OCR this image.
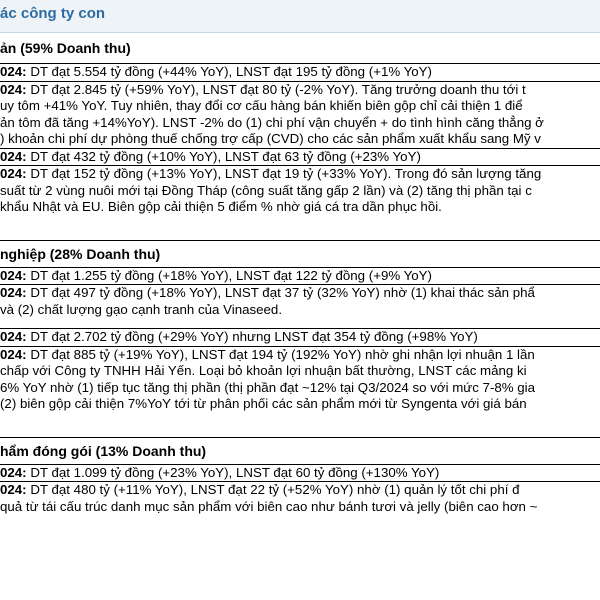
ác công ty con
ản (59% Doanh thu)
024: DT đạt 5.554 tỷ đồng (+44% YoY), LNST đạt 195 tỷ đồng (+1% YoY)
024: DT đạt 2.845 tỷ (+59% YoY), LNST đạt 80 tỷ (-2% YoY). Tăng trưởng doanh thu tới t
uy tôm +41% YoY. Tuy nhiên, thay đổi cơ cấu hàng bán khiến biên gộp chỉ cải thiện 1 điể
ản tôm đã tăng +14%YoY). LNST -2% do (1) chi phí vận chuyển + do tình hình căng thẳng ở
) khoản chi phí dự phòng thuế chống trợ cấp (CVD) cho các sản phẩm xuất khẩu sang Mỹ v
024: DT đạt 432 tỷ đồng (+10% YoY), LNST đạt 63 tỷ đồng (+23% YoY)
024: DT đạt 152 tỷ đồng (+13% YoY), LNST đạt 19 tỷ (+33% YoY). Trong đó sản lượng tăng
suất từ 2 vùng nuôi mới tại Đồng Tháp (công suất tăng gấp 2 lần) và (2) tăng thị phần tại c
khẩu Nhật và EU. Biên gộp cải thiện 5 điểm % nhờ giá cá tra dần phục hồi.
nghiệp (28% Doanh thu)
024: DT đạt 1.255 tỷ đồng (+18% YoY), LNST đạt 122 tỷ đồng (+9% YoY)
024: DT đạt 497 tỷ đồng (+18% YoY), LNST đạt 37 tỷ (32% YoY) nhờ (1) khai thác sản phẩ
và (2) chất lượng gạo cạnh tranh của Vinaseed.
024: DT đạt 2.702 tỷ đồng (+29% YoY) nhưng LNST đạt 354 tỷ đồng (+98% YoY)
024: DT đạt 885 tỷ (+19% YoY), LNST đạt 194 tỷ (192% YoY) nhờ ghi nhận lợi nhuận 1 lần
chấp với Công ty TNHH Hải Yến. Loại bỏ khoản lợi nhuận bất thường, LNST các mảng ki
6% YoY nhờ (1) tiếp tục tăng thị phần (thị phần đạt ~12% tại Q3/2024 so với mức 7-8% gia
(2) biên gộp cải thiện 7%YoY tới từ phân phối các sản phẩm mới từ Syngenta với giá bán
hẩm đóng gói (13% Doanh thu)
024: DT đạt 1.099 tỷ đồng (+23% YoY), LNST đạt 60 tỷ đồng (+130% YoY)
024: DT đạt 480 tỷ (+11% YoY), LNST đạt 22 tỷ (+52% YoY) nhờ (1) quản lý tốt chi phí đ
quả từ tái cấu trúc danh mục sản phẩm với biên cao như bánh tươi và jelly (biên cao hơn ~
